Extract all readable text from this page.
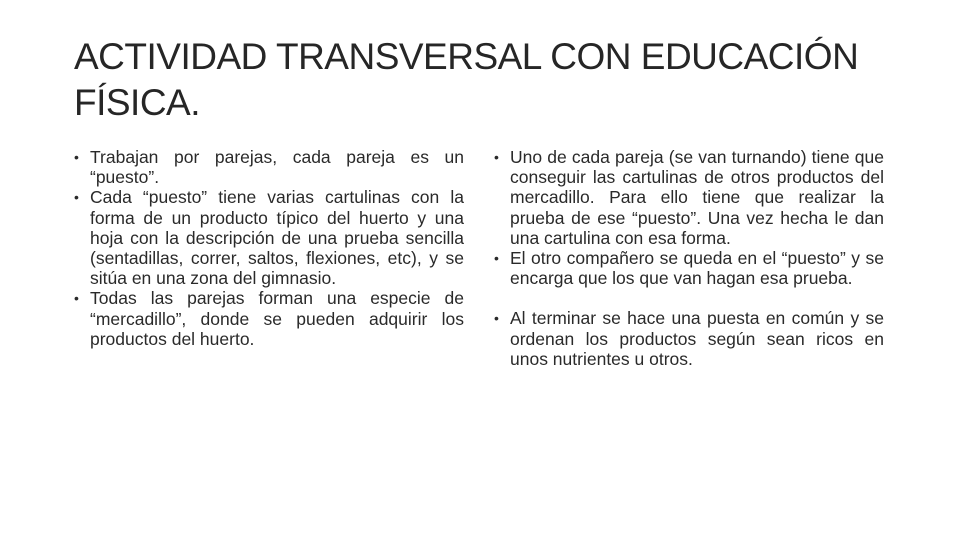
ACTIVIDAD TRANSVERSAL CON EDUCACIÓN FÍSICA.
• Trabajan por parejas, cada pareja es un “puesto”.
• Cada “puesto” tiene varias cartulinas con la forma de un producto típico del huerto y una hoja con la descripción de una prueba sencilla (sentadillas, correr, saltos, flexiones, etc), y se sitúa en una zona del gimnasio.
• Todas las parejas forman una especie de “mercadillo”, donde se pueden adquirir los productos del huerto.
• Uno de cada pareja (se van turnando) tiene que conseguir las cartulinas de otros productos del mercadillo. Para ello tiene que realizar la prueba de ese “puesto”. Una vez hecha le dan una cartulina con esa forma.
• El otro compañero se queda en el “puesto” y se encarga que los que van hagan esa prueba.
• Al terminar se hace una puesta en común y se ordenan los productos según sean ricos en unos nutrientes u otros.
